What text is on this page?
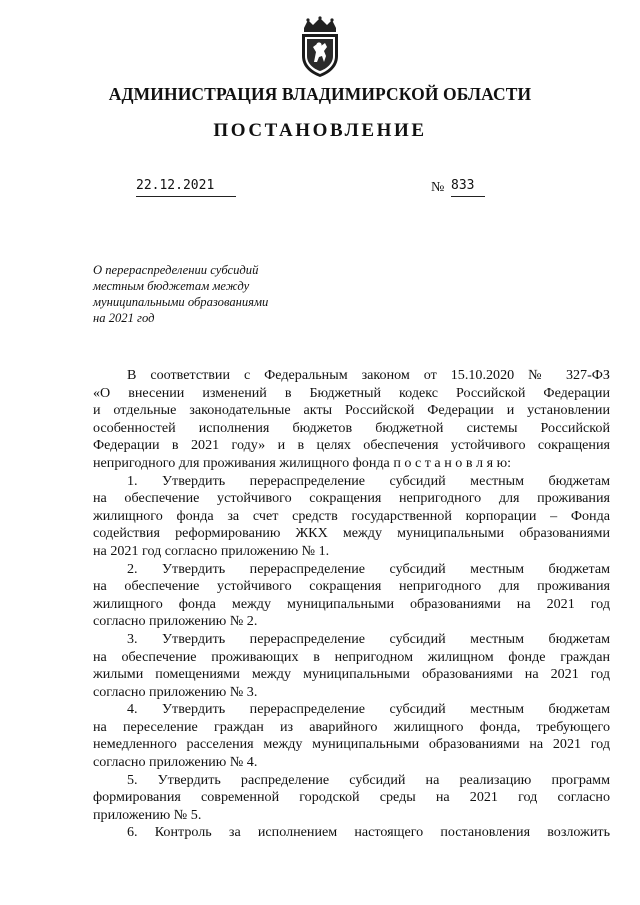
АДМИНИСТРАЦИЯ ВЛАДИМИРСКОЙ ОБЛАСТИ
ПОСТАНОВЛЕНИЕ
22.12.2021	№ 833
О перераспределении субсидий
местным бюджетам между
муниципальными образованиями
на 2021 год
В соответствии с Федеральным законом от 15.10.2020 № 327-ФЗ
«О внесении изменений в Бюджетный кодекс Российской Федерации
и отдельные законодательные акты Российской Федерации и установлении
особенностей исполнения бюджетов бюджетной системы Российской
Федерации в 2021 году» и в целях обеспечения устойчивого сокращения
непригодного для проживания жилищного фонда п о с т а н о в л я ю:
1. Утвердить перераспределение субсидий местным бюджетам
на обеспечение устойчивого сокращения непригодного для проживания
жилищного фонда за счет средств государственной корпорации – Фонда
содействия реформированию ЖКХ между муниципальными образованиями
на 2021 год согласно приложению № 1.
2. Утвердить перераспределение субсидий местным бюджетам
на обеспечение устойчивого сокращения непригодного для проживания
жилищного фонда между муниципальными образованиями на 2021 год
согласно приложению № 2.
3. Утвердить перераспределение субсидий местным бюджетам
на обеспечение проживающих в непригодном жилищном фонде граждан
жилыми помещениями между муниципальными образованиями на 2021 год
согласно приложению № 3.
4. Утвердить перераспределение субсидий местным бюджетам
на переселение граждан из аварийного жилищного фонда, требующего
немедленного расселения между муниципальными образованиями на 2021 год
согласно приложению № 4.
5. Утвердить распределение субсидий на реализацию программ
формирования современной городской среды на 2021 год согласно
приложению № 5.
6. Контроль за исполнением настоящего постановления возложить
